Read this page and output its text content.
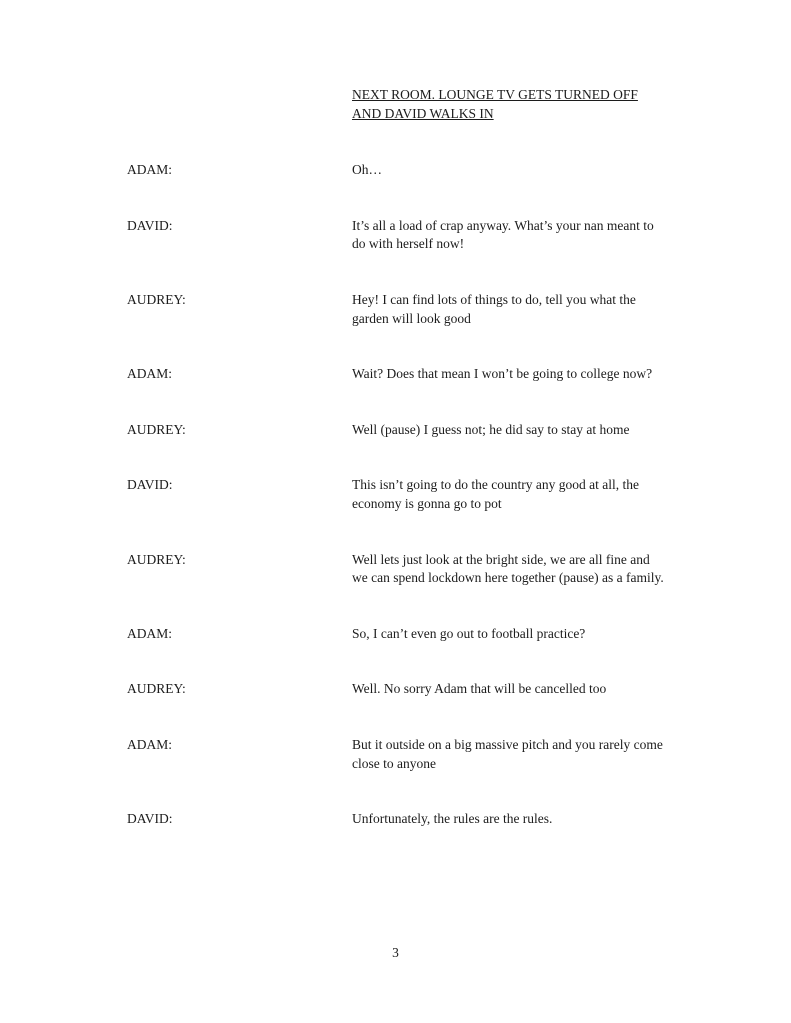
NEXT ROOM. LOUNGE TV GETS TURNED OFF AND DAVID WALKS IN
ADAM:	Oh…
DAVID:	It’s all a load of crap anyway. What’s your nan meant to do with herself now!
AUDREY:	Hey! I can find lots of things to do, tell you what the garden will look good
ADAM:	Wait? Does that mean I won’t be going to college now?
AUDREY:	Well (pause) I guess not; he did say to stay at home
DAVID:	This isn’t going to do the country any good at all, the economy is gonna go to pot
AUDREY:	Well lets just look at the bright side, we are all fine and we can spend lockdown here together (pause) as a family.
ADAM:	So, I can’t even go out to football practice?
AUDREY:	Well. No sorry Adam that will be cancelled too
ADAM:	But it outside on a big massive pitch and you rarely come close to anyone
DAVID:	Unfortunately, the rules are the rules.
3
